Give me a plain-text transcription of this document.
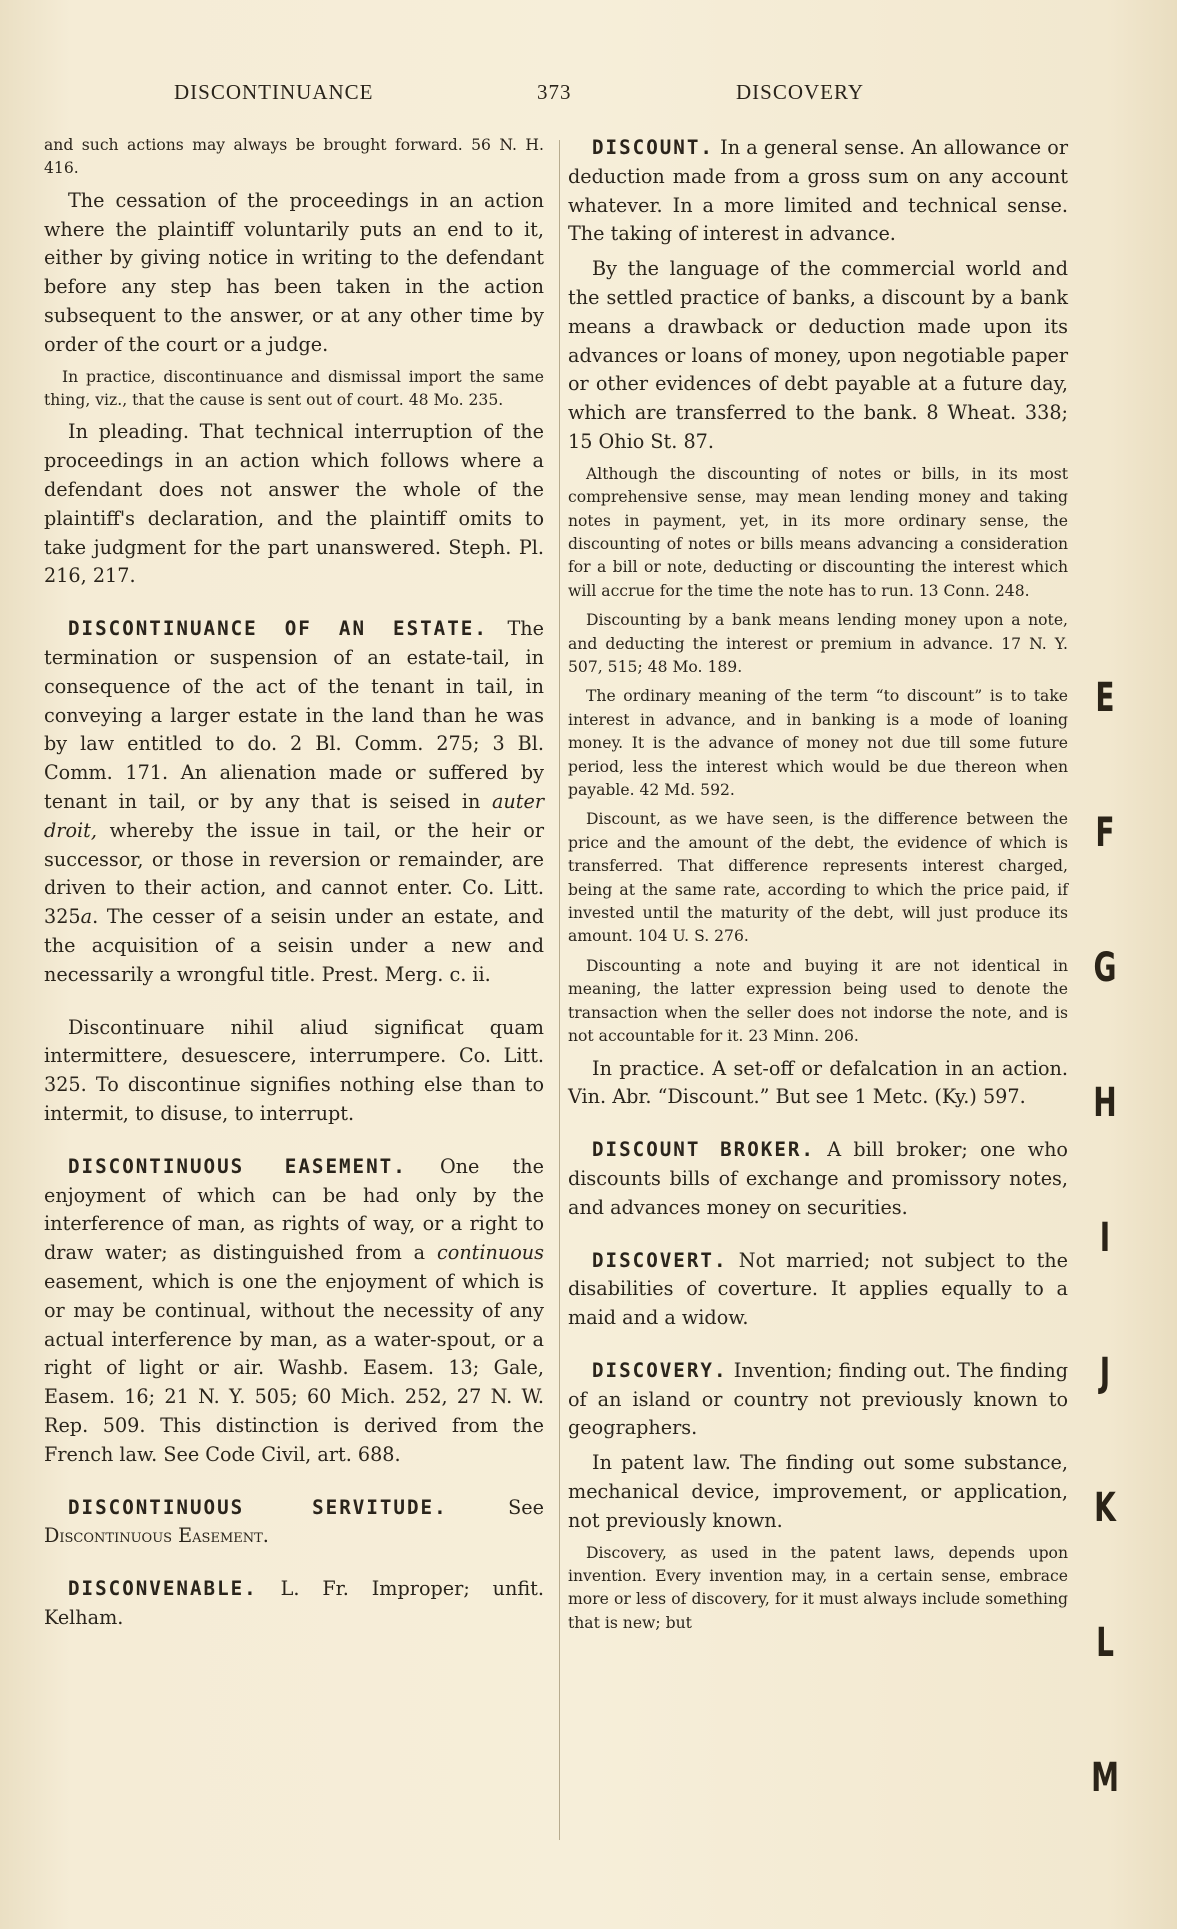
DISCONTINUANCE	373	DISCOVERY

and such actions may always be brought forward. 56 N. H. 416.

The cessation of the proceedings in an action where the plaintiff voluntarily puts an end to it, either by giving notice in writing to the defendant before any step has been taken in the action subsequent to the answer, or at any other time by order of the court or a judge.

In practice, discontinuance and dismissal import the same thing, viz., that the cause is sent out of court. 48 Mo. 235.

In pleading. That technical interruption of the proceedings in an action which follows where a defendant does not answer the whole of the plaintiff's declaration, and the plaintiff omits to take judgment for the part unanswered. Steph. Pl. 216, 217.

DISCONTINUANCE OF AN ESTATE. The termination or suspension of an estate-tail, in consequence of the act of the tenant in tail, in conveying a larger estate in the land than he was by law entitled to do. 2 Bl. Comm. 275; 3 Bl. Comm. 171. An alienation made or suffered by tenant in tail, or by any that is seised in auter droit, whereby the issue in tail, or the heir or successor, or those in reversion or remainder, are driven to their action, and cannot enter. Co. Litt. 325a. The cesser of a seisin under an estate, and the acquisition of a seisin under a new and necessarily a wrongful title. Prest. Merg. c. ii.

Discontinuare nihil aliud significat quam intermittere, desuescere, interrumpere. Co. Litt. 325. To discontinue signifies nothing else than to intermit, to disuse, to interrupt.

DISCONTINUOUS EASEMENT. One the enjoyment of which can be had only by the interference of man, as rights of way, or a right to draw water; as distinguished from a continuous easement, which is one the enjoyment of which is or may be continual, without the necessity of any actual interference by man, as a water-spout, or a right of light or air. Washb. Easem. 13; Gale, Easem. 16; 21 N. Y. 505; 60 Mich. 252, 27 N. W. Rep. 509. This distinction is derived from the French law. See Code Civil, art. 688.

DISCONTINUOUS SERVITUDE. See Discontinuous Easement.

DISCONVENABLE. L. Fr. Improper; unfit. Kelham.

DISCOUNT. In a general sense. An allowance or deduction made from a gross sum on any account whatever. In a more limited and technical sense. The taking of interest in advance.

By the language of the commercial world and the settled practice of banks, a discount by a bank means a drawback or deduction made upon its advances or loans of money, upon negotiable paper or other evidences of debt payable at a future day, which are transferred to the bank. 8 Wheat. 338; 15 Ohio St. 87.

Although the discounting of notes or bills, in its most comprehensive sense, may mean lending money and taking notes in payment, yet, in its more ordinary sense, the discounting of notes or bills means advancing a consideration for a bill or note, deducting or discounting the interest which will accrue for the time the note has to run. 13 Conn. 248.

Discounting by a bank means lending money upon a note, and deducting the interest or premium in advance. 17 N. Y. 507, 515; 48 Mo. 189.

The ordinary meaning of the term “to discount” is to take interest in advance, and in banking is a mode of loaning money. It is the advance of money not due till some future period, less the interest which would be due thereon when payable. 42 Md. 592.

Discount, as we have seen, is the difference between the price and the amount of the debt, the evidence of which is transferred. That difference represents interest charged, being at the same rate, according to which the price paid, if invested until the maturity of the debt, will just produce its amount. 104 U. S. 276.

Discounting a note and buying it are not identical in meaning, the latter expression being used to denote the transaction when the seller does not indorse the note, and is not accountable for it. 23 Minn. 206.

In practice. A set-off or defalcation in an action. Vin. Abr. “Discount.” But see 1 Metc. (Ky.) 597.

DISCOUNT BROKER. A bill broker; one who discounts bills of exchange and promissory notes, and advances money on securities.

DISCOVERT. Not married; not subject to the disabilities of coverture. It applies equally to a maid and a widow.

DISCOVERY. Invention; finding out. The finding of an island or country not previously known to geographers.

In patent law. The finding out some substance, mechanical device, improvement, or application, not previously known.

Discovery, as used in the patent laws, depends upon invention. Every invention may, in a certain sense, embrace more or less of discovery, for it must always include something that is new; but

E
F
G
H
I
J
K
L
M
